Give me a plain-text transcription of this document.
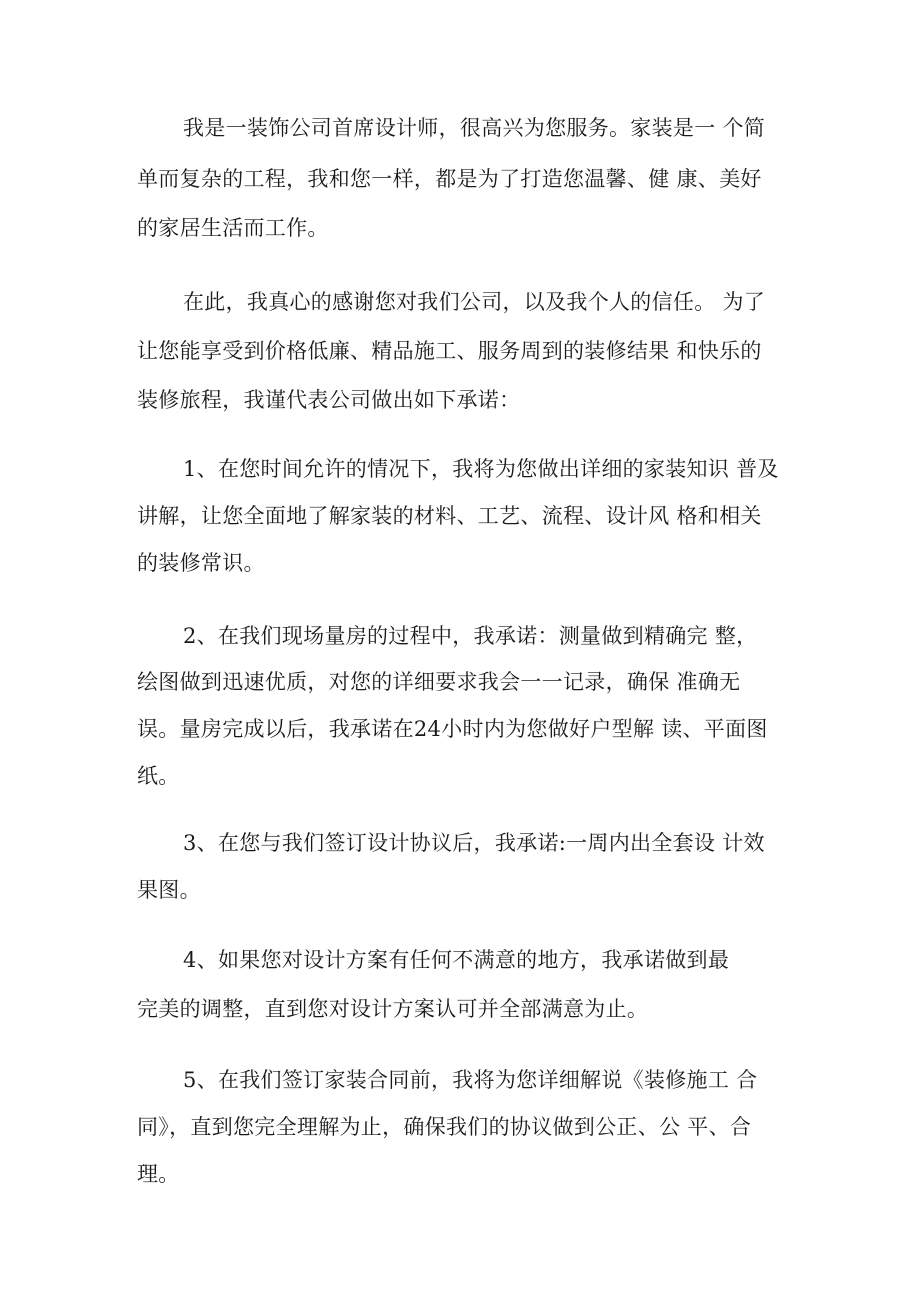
我是一装饰公司首席设计师，很高兴为您服务。家装是一 个简

单而复杂的工程，我和您一样，都是为了打造您温馨、健 康、美好

的家居生活而工作。

在此，我真心的感谢您对我们公司，以及我个人的信任。 为了

让您能享受到价格低廉、精品施工、服务周到的装修结果 和快乐的

装修旅程，我谨代表公司做出如下承诺：

1、在您时间允许的情况下，我将为您做出详细的家装知识 普及

讲解，让您全面地了解家装的材料、工艺、流程、设计风 格和相关

的装修常识。

2、在我们现场量房的过程中，我承诺：测量做到精确完 整，

绘图做到迅速优质，对您的详细要求我会一一记录，确保 准确无

误。量房完成以后，我承诺在24小时内为您做好户型解 读、平面图

纸。

3、在您与我们签订设计协议后，我承诺:一周内出全套设 计效

果图。

4、如果您对设计方案有任何不满意的地方，我承诺做到最

完美的调整，直到您对设计方案认可并全部满意为止。

5、在我们签订家装合同前，我将为您详细解说《装修施工 合

同》，直到您完全理解为止，确保我们的协议做到公正、公 平、合

理。
